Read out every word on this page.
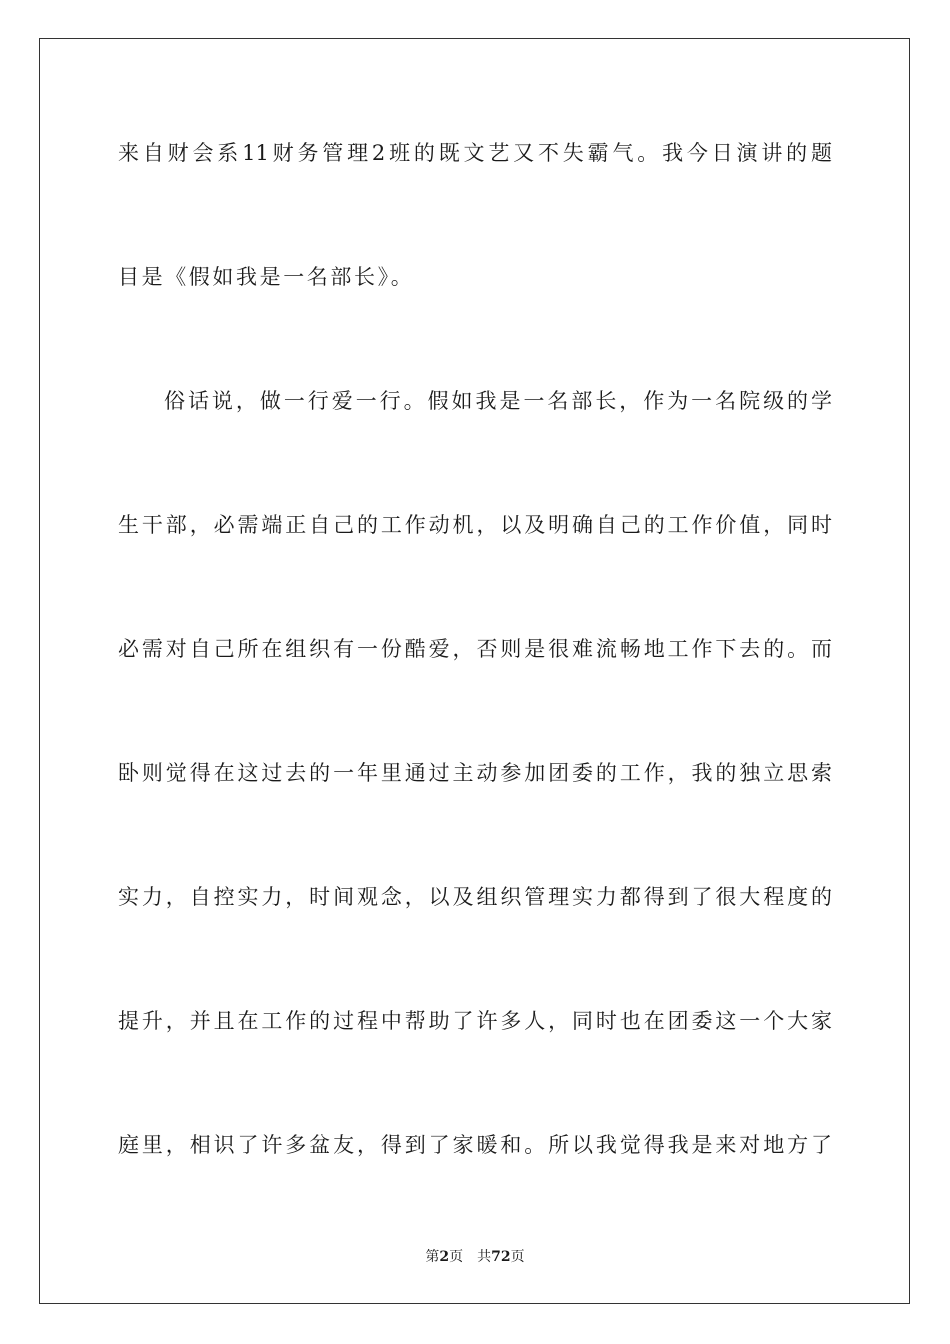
来自财会系11财务管理2班的既文艺又不失霸气。我今日演讲的题
目是《假如我是一名部长》。
俗话说，做一行爱一行。假如我是一名部长，作为一名院级的学
生干部，必需端正自己的工作动机，以及明确自己的工作价值，同时
必需对自己所在组织有一份酷爱，否则是很难流畅地工作下去的。而
卧则觉得在这过去的一年里通过主动参加团委的工作，我的独立思索
实力，自控实力，时间观念，以及组织管理实力都得到了很大程度的
提升，并且在工作的过程中帮助了许多人，同时也在团委这一个大家
庭里，相识了许多盆友，得到了家暖和。所以我觉得我是来对地方了
第2页 共72页
